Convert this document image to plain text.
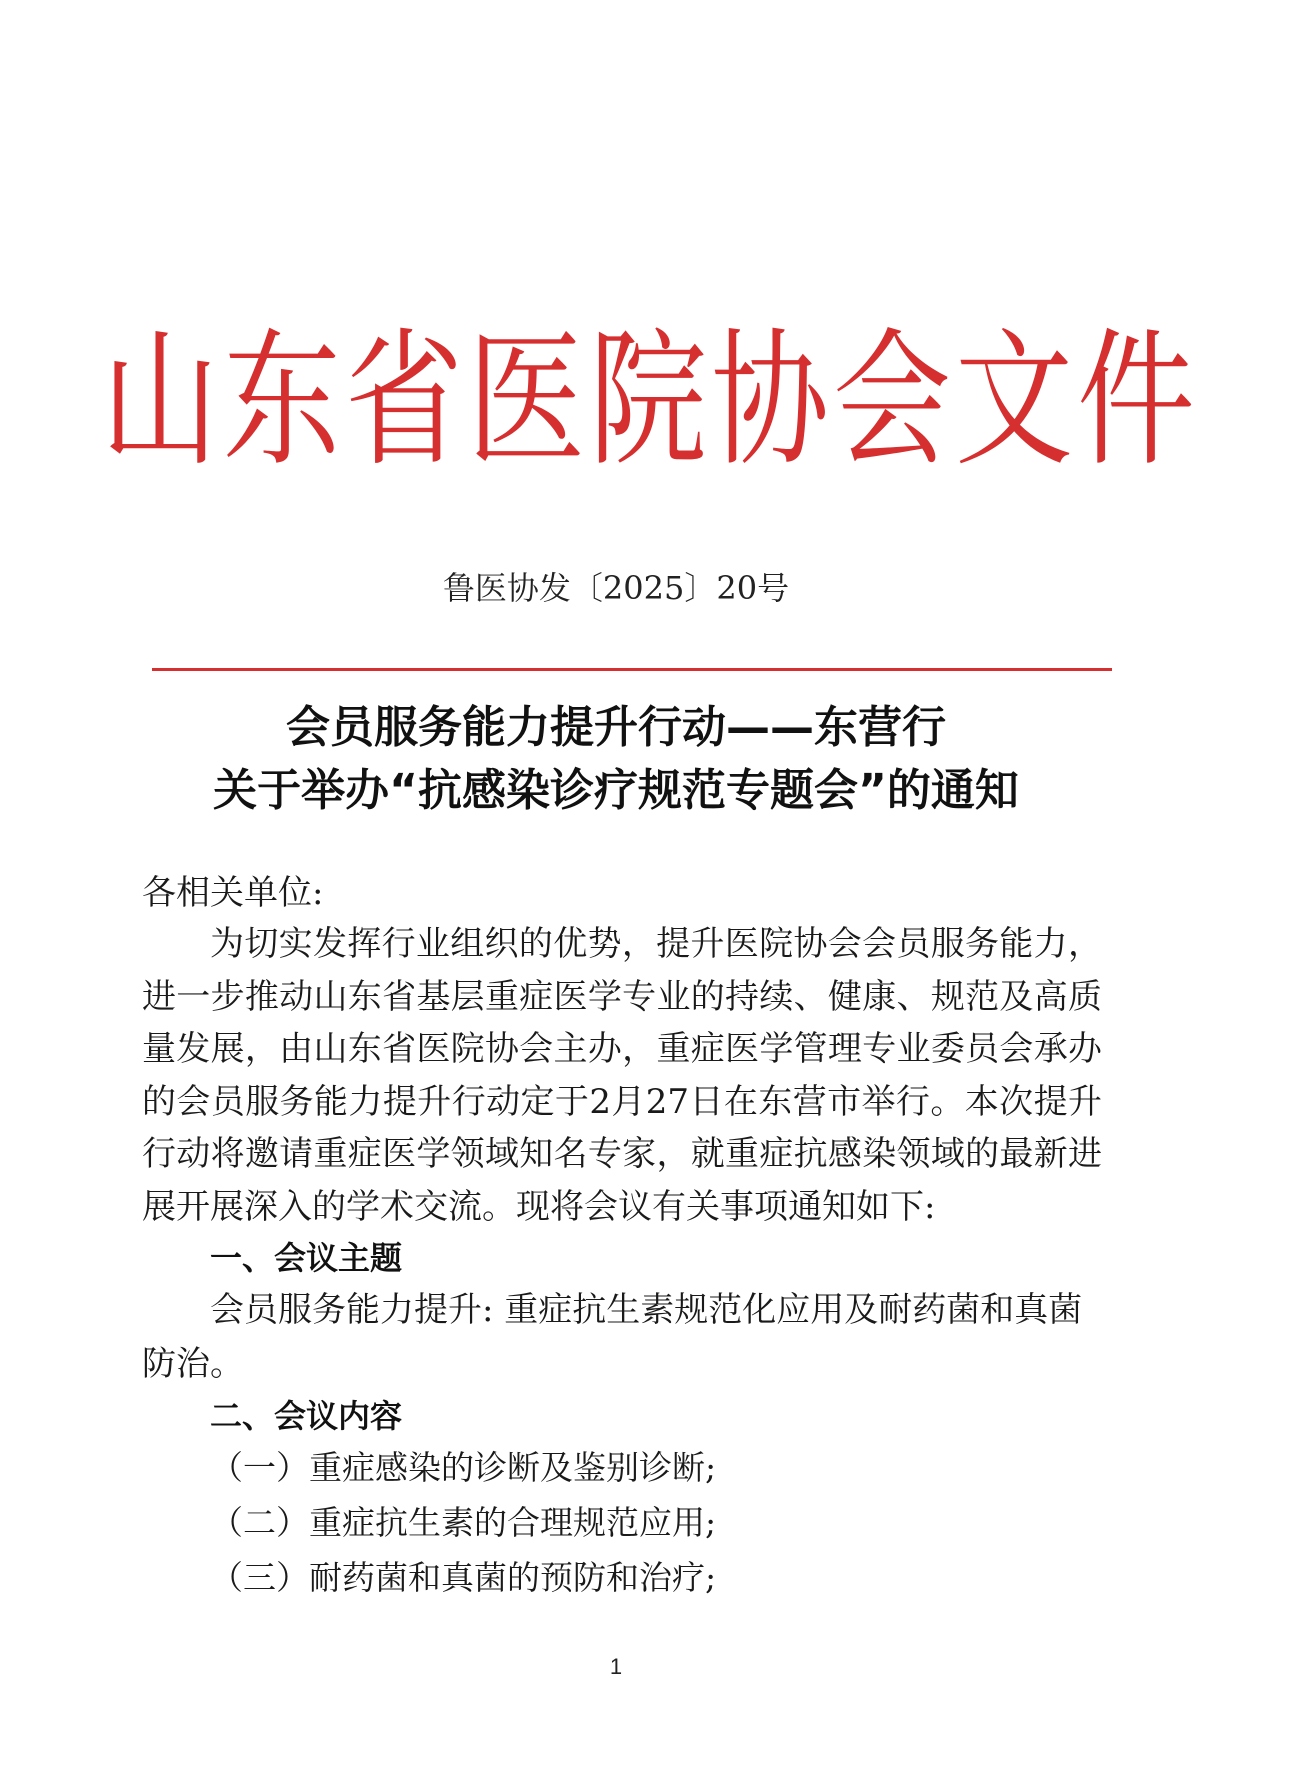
山东省医院协会文件
鲁医协发〔2025〕20号
会员服务能力提升行动——东营行
关于举办“抗感染诊疗规范专题会”的通知
各相关单位:
为切实发挥行业组织的优势，提升医院协会会员服务能力，进一步推动山东省基层重症医学专业的持续、健康、规范及高质量发展，由山东省医院协会主办，重症医学管理专业委员会承办的会员服务能力提升行动定于2月27日在东营市举行。本次提升行动将邀请重症医学领域知名专家，就重症抗感染领域的最新进展开展深入的学术交流。现将会议有关事项通知如下:
一、会议主题
会员服务能力提升: 重症抗生素规范化应用及耐药菌和真菌防治。
二、会议内容
（一）重症感染的诊断及鉴别诊断;
（二）重症抗生素的合理规范应用;
（三）耐药菌和真菌的预防和治疗;
1
